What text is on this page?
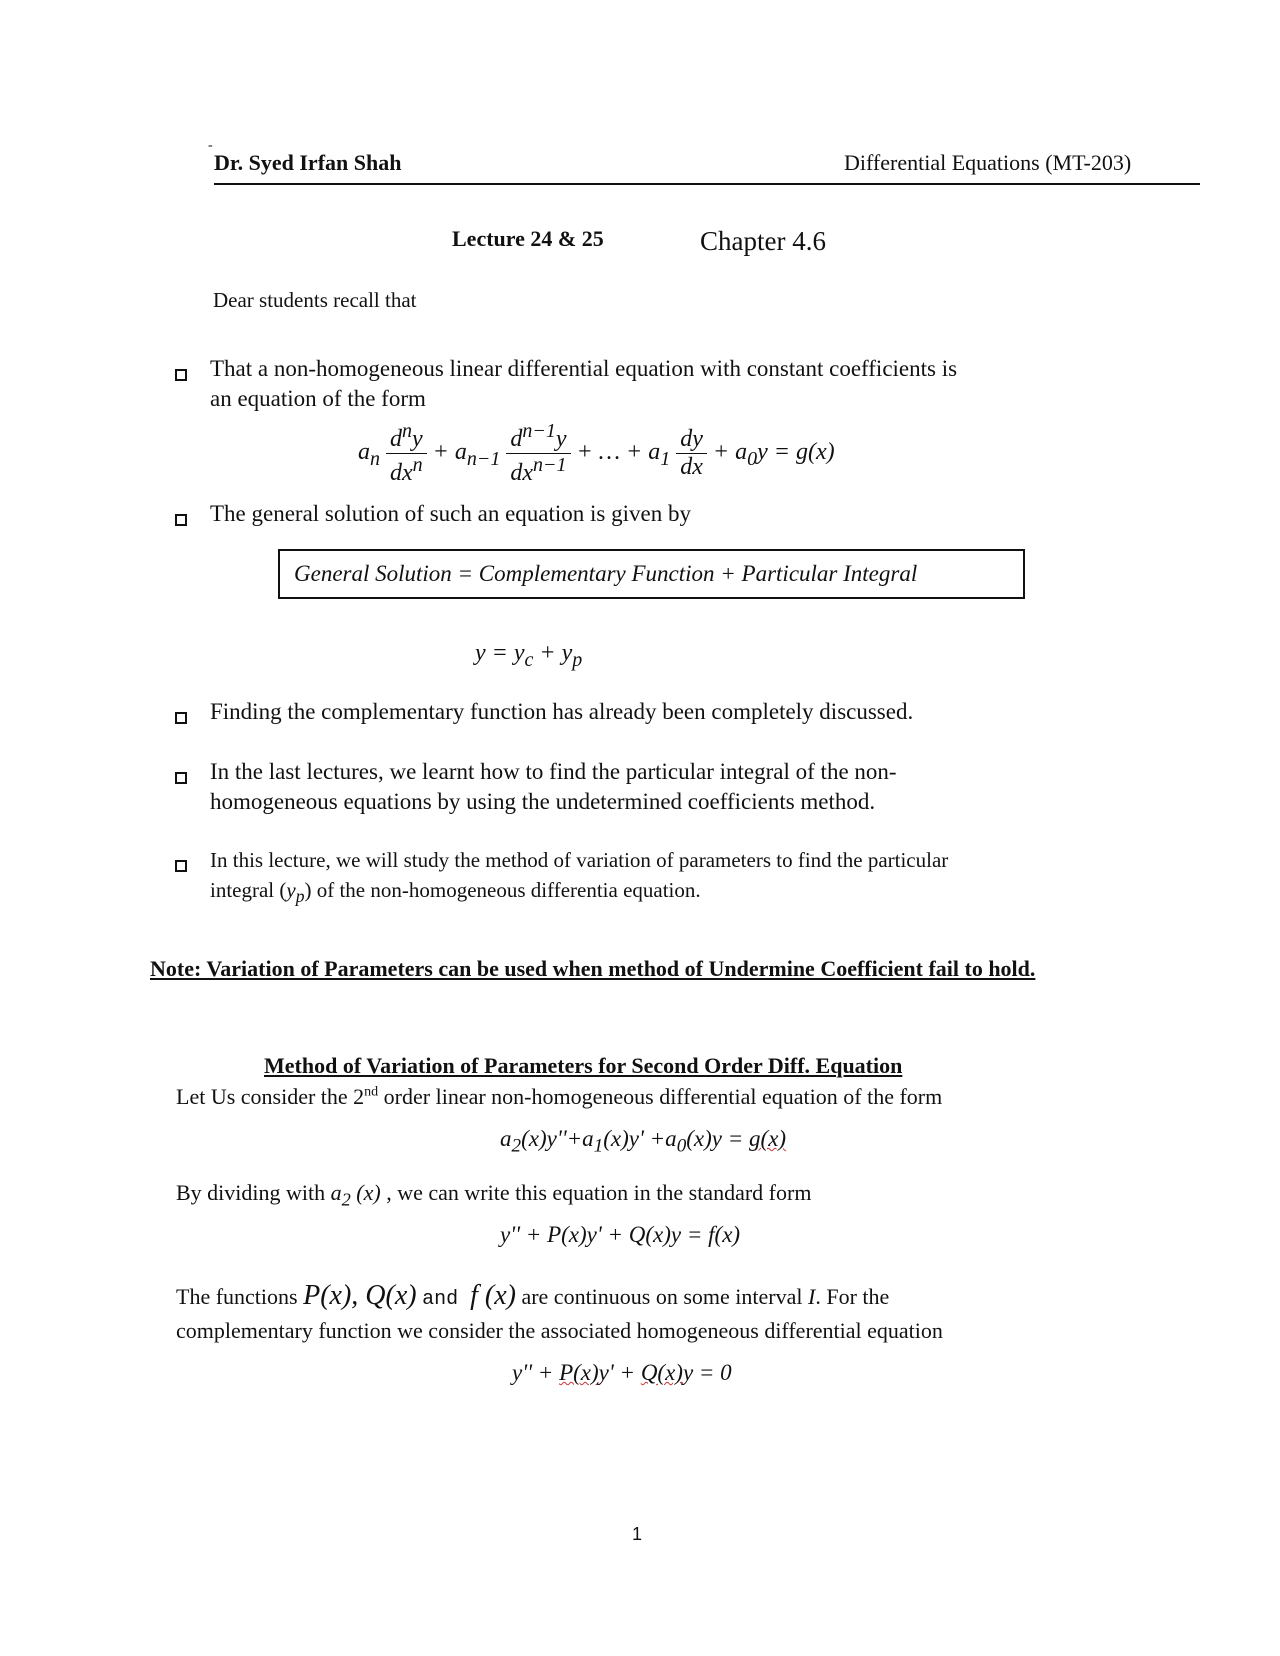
-
Dr. Syed Irfan Shah	Differential Equations (MT-203)
Lecture 24 & 25	Chapter 4.6
Dear students recall that
That a non-homogeneous linear differential equation with constant coefficients is
an equation of the form
$a_n \frac{d^ny}{dx^n} + a_{n-1} \frac{d^{n-1}y}{dx^{n-1}}$ + … + $a_1 \frac{dy}{dx} + a_0y = g(x)$
The general solution of such an equation is given by
General Solution = Complementary Function + Particular Integral
$y = y_c + y_p$
Finding the complementary function has already been completely discussed.
In the last lectures, we learnt how to find the particular integral of the non-
homogeneous equations by using the undetermined coefficients method.
In this lecture, we will study the method of variation of parameters to find the particular
integral $(y_p)$ of the non-homogeneous differentia equation.
Note: Variation of Parameters can be used when method of Undermine Coefficient fail to hold.
Method of Variation of Parameters for Second Order Diff. Equation
Let Us consider the 2nd order linear non-homogeneous differential equation of the form
$a_2(x)y''+a_1(x)y' +a_0(x)y = g(x)$
By dividing with $a_2$ (x) , we can write this equation in the standard form
y'' + P(x)y' + Q(x)y = f(x)
The functions P(x), Q(x) and f (x) are continuous on some interval I. For the
complementary function we consider the associated homogeneous differential equation
y'' + P(x)y' + Q(x)y = 0
1
